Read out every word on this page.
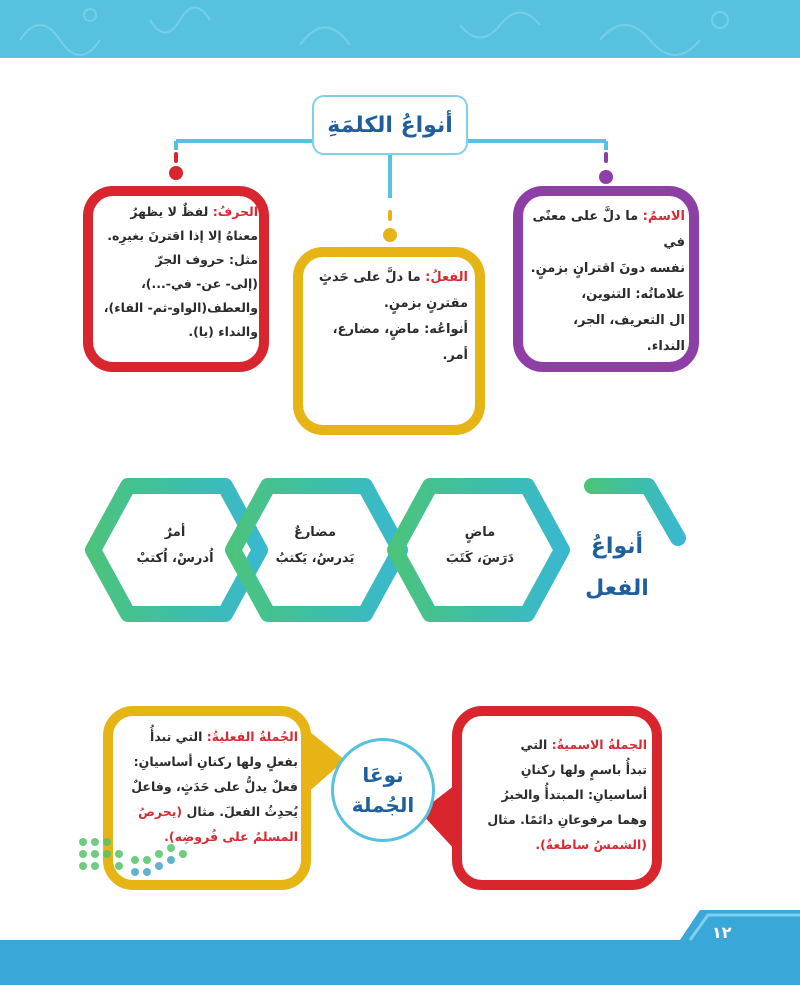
أنواعُ الكلمَةِ

الاسمُ: ما دلَّ على معنًى في

نفسه دونَ اقترانٍ بزمنٍ.

علاماتُه: التنوين،

ال التعريف، الجر،

النداء.

الفعلُ: ما دلَّ على حَدثٍ

مقترنٍ بزمنٍ.

أنواعُه: ماضٍ، مضارع،

أمر.

الحرفُ: لفظٌ لا يظهرُ

معناهُ إلا إذا اقترنَ بغيرِه.

مثل: حروف الجرّ

(إلى- عن- في-...)،

والعطف(الواو-ثم- الفاء)،

والنداء (يا).

أنواعُ
الفعل
ماضٍ
دَرَسَ، كَتَبَ
مضارعٌ
يَدرسُ، يَكتبُ
أمرٌ
اُدرسْ، اُكتبْ

الجُملةُ الفعليةُ: التي تبدأُ

بفعلٍ ولها ركنانِ أساسيانِ:

فعلٌ يدلُّ على حَدَثٍ، وفاعلٌ

يُحدِثُ الفعلَ. مثال (يحرصُ المسلمُ على فُروضِه).

الجملةُ الاسميةُ: التي

تبدأُ باسمٍ ولها ركنانِ

أساسيانِ: المبتدأُ والخبرُ

وهما مرفوعانِ دائمًا. مثال

(الشمسُ ساطعةٌ).

نوعَا
الجُملة
١٢
